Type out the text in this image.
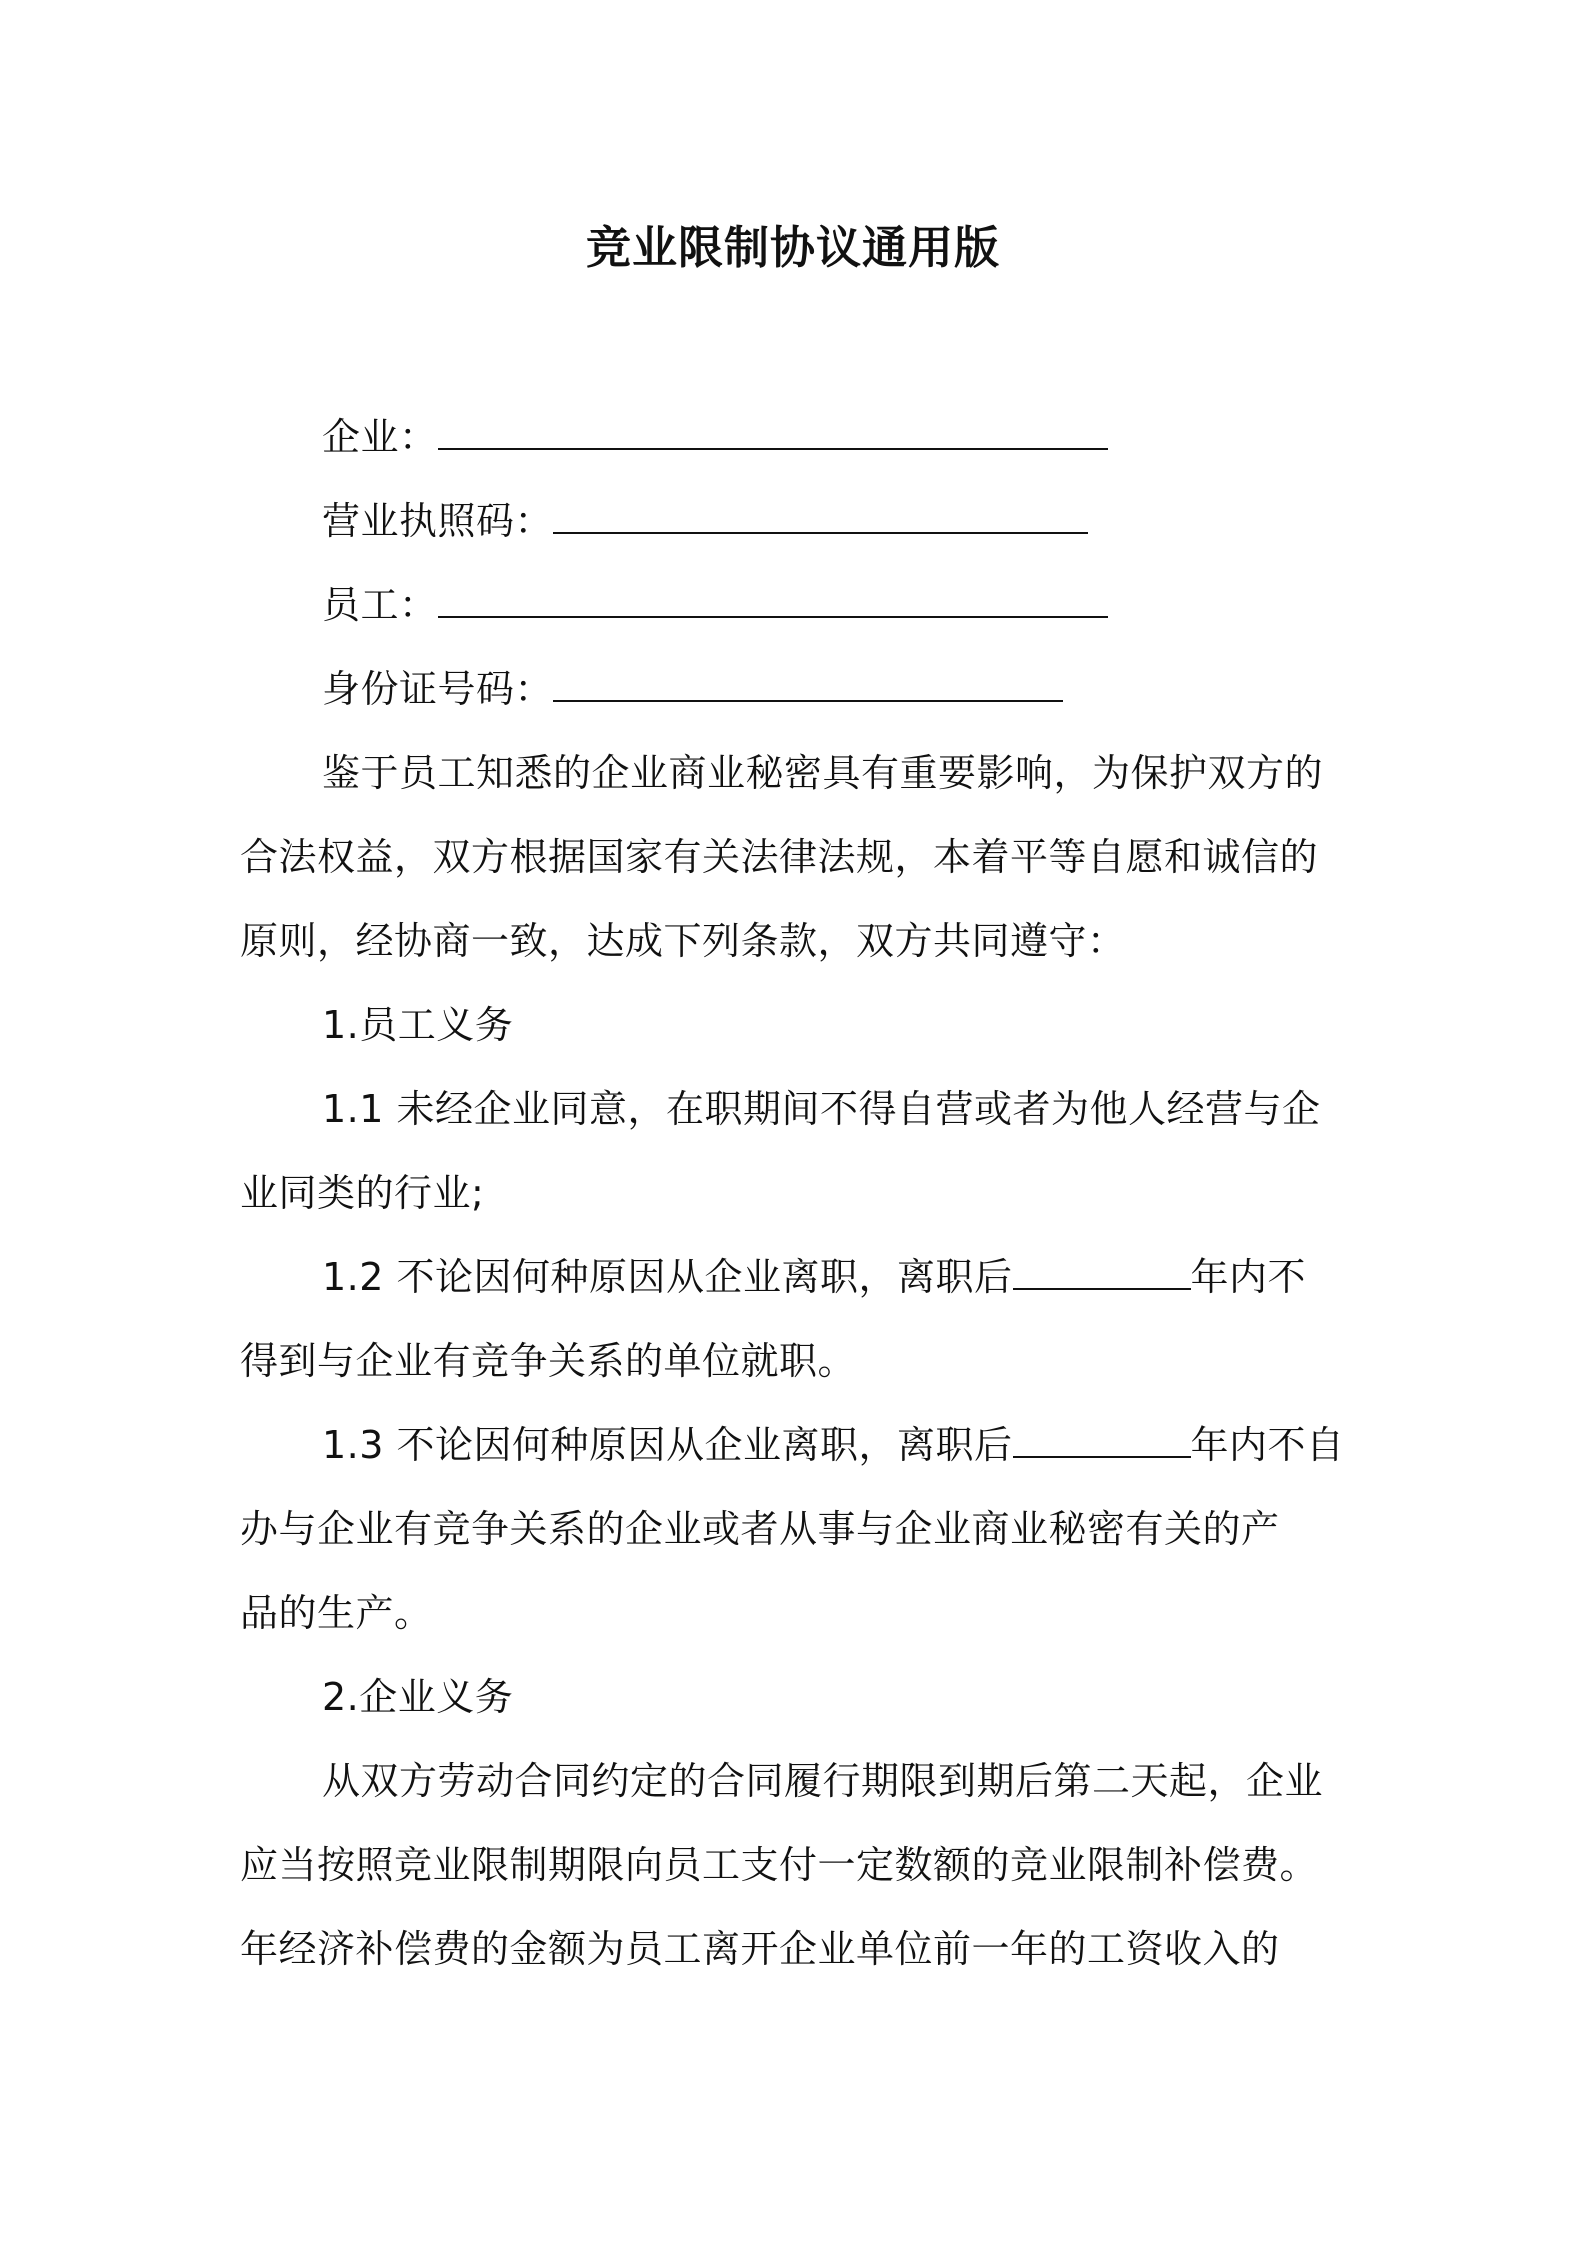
竞业限制协议通用版
企业：
营业执照码：
员工：
身份证号码：
鉴于员工知悉的企业商业秘密具有重要影响，为保护双方的
合法权益，双方根据国家有关法律法规，本着平等自愿和诚信的
原则，经协商一致，达成下列条款，双方共同遵守：
1.员工义务
1.1 未经企业同意，在职期间不得自营或者为他人经营与企
业同类的行业;
1.2 不论因何种原因从企业离职，离职后	年内不
得到与企业有竞争关系的单位就职。
1.3 不论因何种原因从企业离职，离职后	年内不自
办与企业有竞争关系的企业或者从事与企业商业秘密有关的产
品的生产。
2.企业义务
从双方劳动合同约定的合同履行期限到期后第二天起，企业
应当按照竞业限制期限向员工支付一定数额的竞业限制补偿费。
年经济补偿费的金额为员工离开企业单位前一年的工资收入的
